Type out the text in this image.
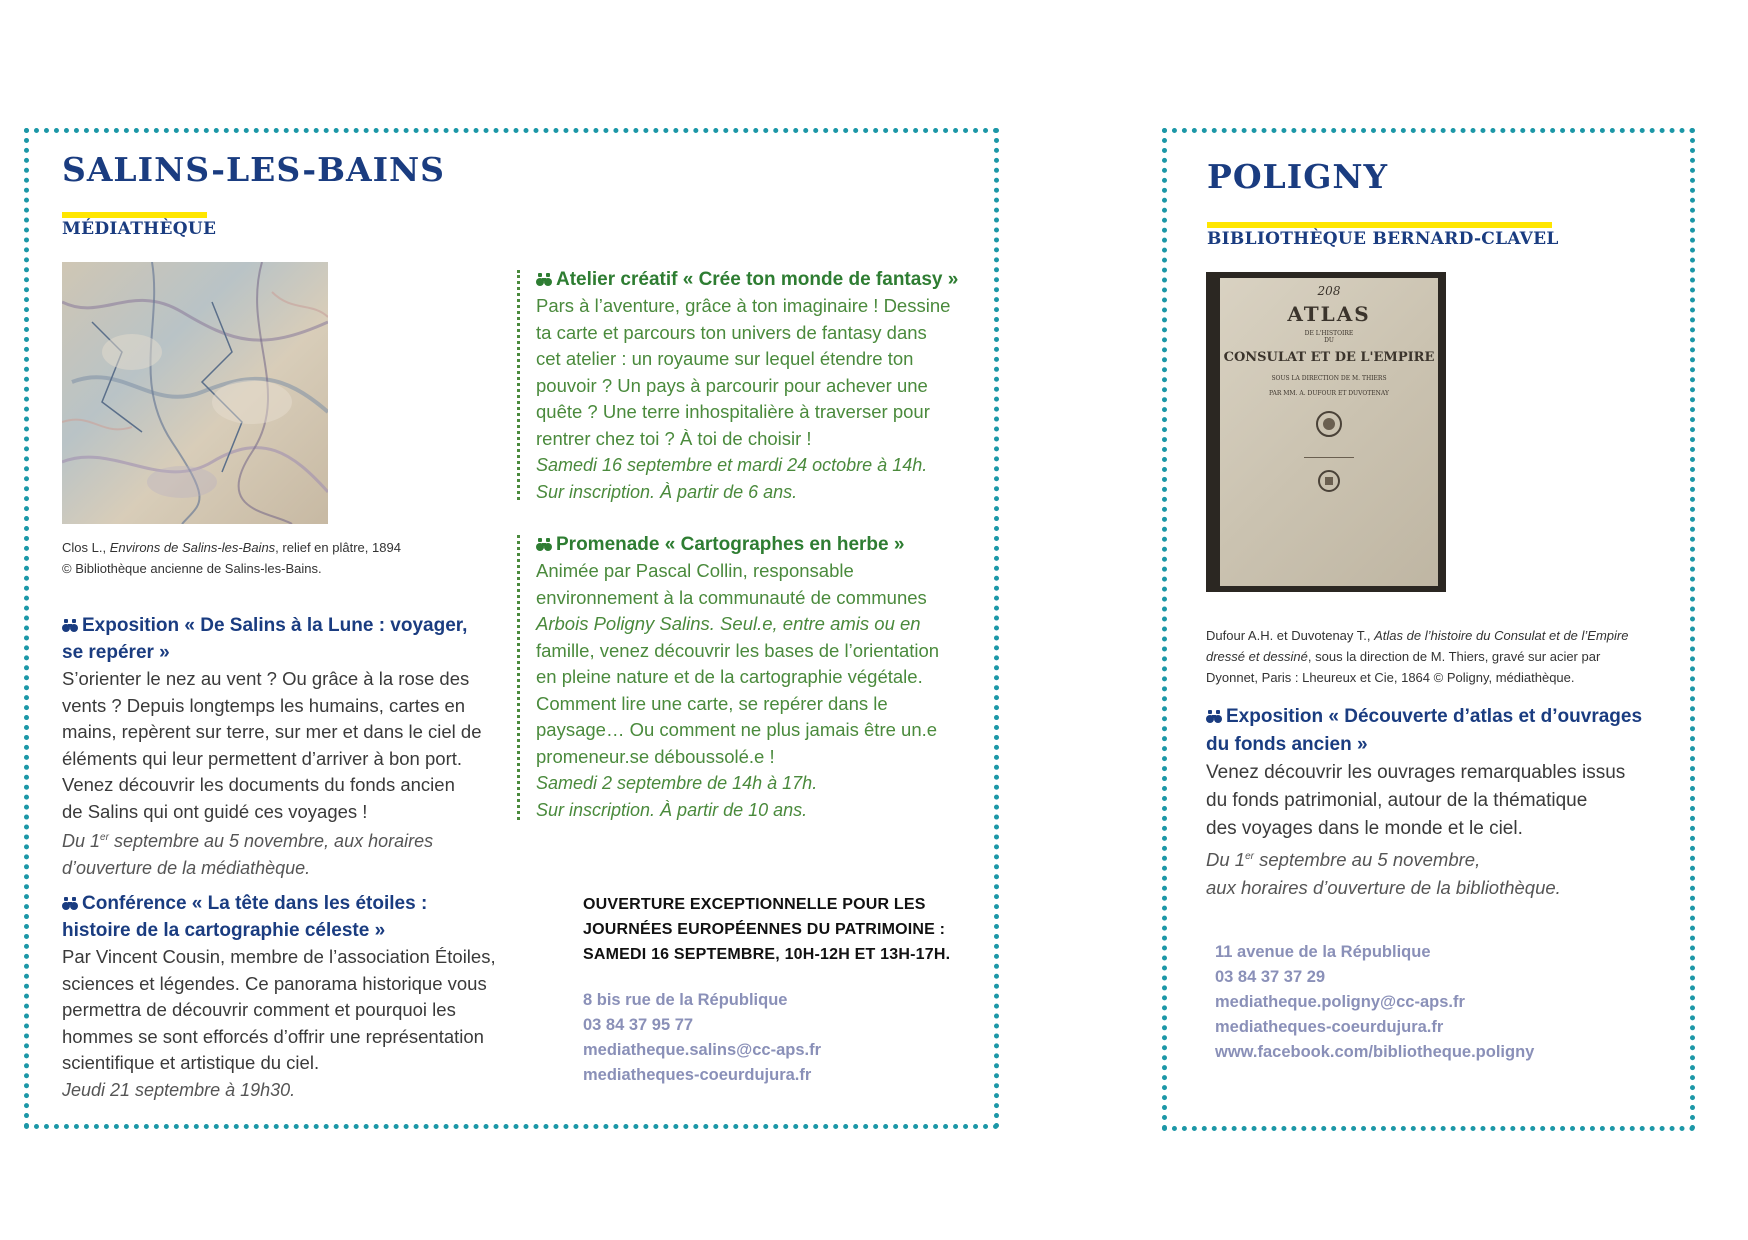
SALINS-LES-BAINS
MÉDIATHÈQUE
Clos L., Environs de Salins-les-Bains, relief en plâtre, 1894
© Bibliothèque ancienne de Salins-les-Bains.
Exposition « De Salins à la Lune : voyager,
se repérer »
S’orienter le nez au vent ? Ou grâce à la rose des
vents ? Depuis longtemps les humains, cartes en
mains, repèrent sur terre, sur mer et dans le ciel de
éléments qui leur permettent d’arriver à bon port.
Venez découvrir les documents du fonds ancien
de Salins qui ont guidé ces voyages !
Du 1er septembre au 5 novembre, aux horaires
d’ouverture de la médiathèque.
Conférence « La tête dans les étoiles :
histoire de la cartographie céleste »
Par Vincent Cousin, membre de l’association Étoiles,
sciences et légendes. Ce panorama historique vous
permettra de découvrir comment et pourquoi les
hommes se sont efforcés d’offrir une représentation
scientifique et artistique du ciel.
Jeudi 21 septembre à 19h30.
Atelier créatif « Crée ton monde de fantasy »
Pars à l’aventure, grâce à ton imaginaire ! Dessine
ta carte et parcours ton univers de fantasy dans
cet atelier : un royaume sur lequel étendre ton
pouvoir ? Un pays à parcourir pour achever une
quête ? Une terre inhospitalière à traverser pour
rentrer chez toi ? À toi de choisir !
Samedi 16 septembre et mardi 24 octobre à 14h.
Sur inscription. À partir de 6 ans.
Promenade « Cartographes en herbe »
Animée par Pascal Collin, responsable
environnement à la communauté de communes
Arbois Poligny Salins. Seul.e, entre amis ou en
famille, venez découvrir les bases de l’orientation
en pleine nature et de la cartographie végétale.
Comment lire une carte, se repérer dans le
paysage… Ou comment ne plus jamais être un.e
promeneur.se déboussolé.e !
Samedi 2 septembre de 14h à 17h.
Sur inscription. À partir de 10 ans.
OUVERTURE EXCEPTIONNELLE POUR LES
JOURNÉES EUROPÉENNES DU PATRIMOINE :
SAMEDI 16 SEPTEMBRE, 10H-12H ET 13H-17H.
8 bis rue de la République
03 84 37 95 77
mediatheque.salins@cc-aps.fr
mediatheques-coeurdujura.fr
POLIGNY
BIBLIOTHÈQUE BERNARD-CLAVEL
208
ATLAS
DE L'HISTOIRE
DU
CONSULAT ET DE L'EMPIRE
SOUS LA DIRECTION DE M. THIERS
PAR MM. A. DUFOUR ET DUVOTENAY
Dufour A.H. et Duvotenay T., Atlas de l’histoire du Consulat et de l’Empire
dressé et dessiné, sous la direction de M. Thiers, gravé sur acier par
Dyonnet, Paris : Lheureux et Cie, 1864 © Poligny, médiathèque.
Exposition « Découverte d’atlas et d’ouvrages
du fonds ancien »
Venez découvrir les ouvrages remarquables issus
du fonds patrimonial, autour de la thématique
des voyages dans le monde et le ciel.
Du 1er septembre au 5 novembre,
aux horaires d’ouverture de la bibliothèque.
11 avenue de la République
03 84 37 37 29
mediatheque.poligny@cc-aps.fr
mediatheques-coeurdujura.fr
www.facebook.com/bibliotheque.poligny
